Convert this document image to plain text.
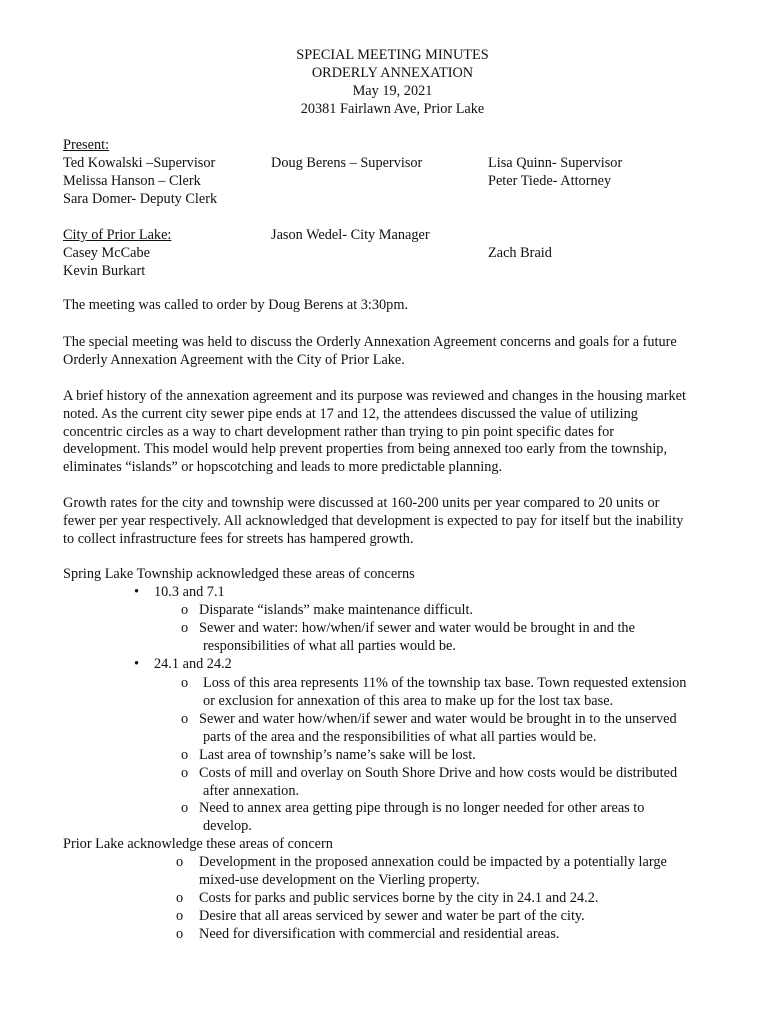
SPECIAL MEETING MINUTES
ORDERLY ANNEXATION
May 19, 2021
20381 Fairlawn Ave, Prior Lake
Present:
Ted Kowalski –Supervisor
Melissa Hanson – Clerk
Sara Domer- Deputy Clerk
Doug Berens – Supervisor	Lisa Quinn- Supervisor
Peter Tiede- Attorney
City of Prior Lake:
Casey McCabe
Kevin Burkart
Jason Wedel- City Manager
Zach Braid
The meeting was called to order by Doug Berens at 3:30pm.
The special meeting was held to discuss the Orderly Annexation Agreement concerns and goals for a future
Orderly Annexation Agreement with the City of Prior Lake.
A brief history of the annexation agreement and its purpose was reviewed and changes in the housing market
noted. As the current city sewer pipe ends at 17 and 12, the attendees discussed the value of utilizing
concentric circles as a way to chart development rather than trying to pin point specific dates for
development. This model would help prevent properties from being annexed too early from the township,
eliminates “islands” or hopscotching and leads to more predictable planning.
Growth rates for the city and township were discussed at 160-200 units per year compared to 20 units or
fewer per year respectively. All acknowledged that development is expected to pay for itself but the inability
to collect infrastructure fees for streets has hampered growth.
Spring Lake Township acknowledged these areas of concerns
• 10.3 and 7.1
o Disparate “islands” make maintenance difficult.
o Sewer and water: how/when/if sewer and water would be brought in and the
responsibilities of what all parties would be.
• 24.1 and 24.2
o Loss of this area represents 11% of the township tax base. Town requested extension
or exclusion for annexation of this area to make up for the lost tax base.
o Sewer and water how/when/if sewer and water would be brought in to the unserved
parts of the area and the responsibilities of what all parties would be.
o Last area of township’s name’s sake will be lost.
o Costs of mill and overlay on South Shore Drive and how costs would be distributed
after annexation.
o Need to annex area getting pipe through is no longer needed for other areas to
develop.
Prior Lake acknowledge these areas of concern
o Development in the proposed annexation could be impacted by a potentially large
mixed-use development on the Vierling property.
o Costs for parks and public services borne by the city in 24.1 and 24.2.
o Desire that all areas serviced by sewer and water be part of the city.
o Need for diversification with commercial and residential areas.
